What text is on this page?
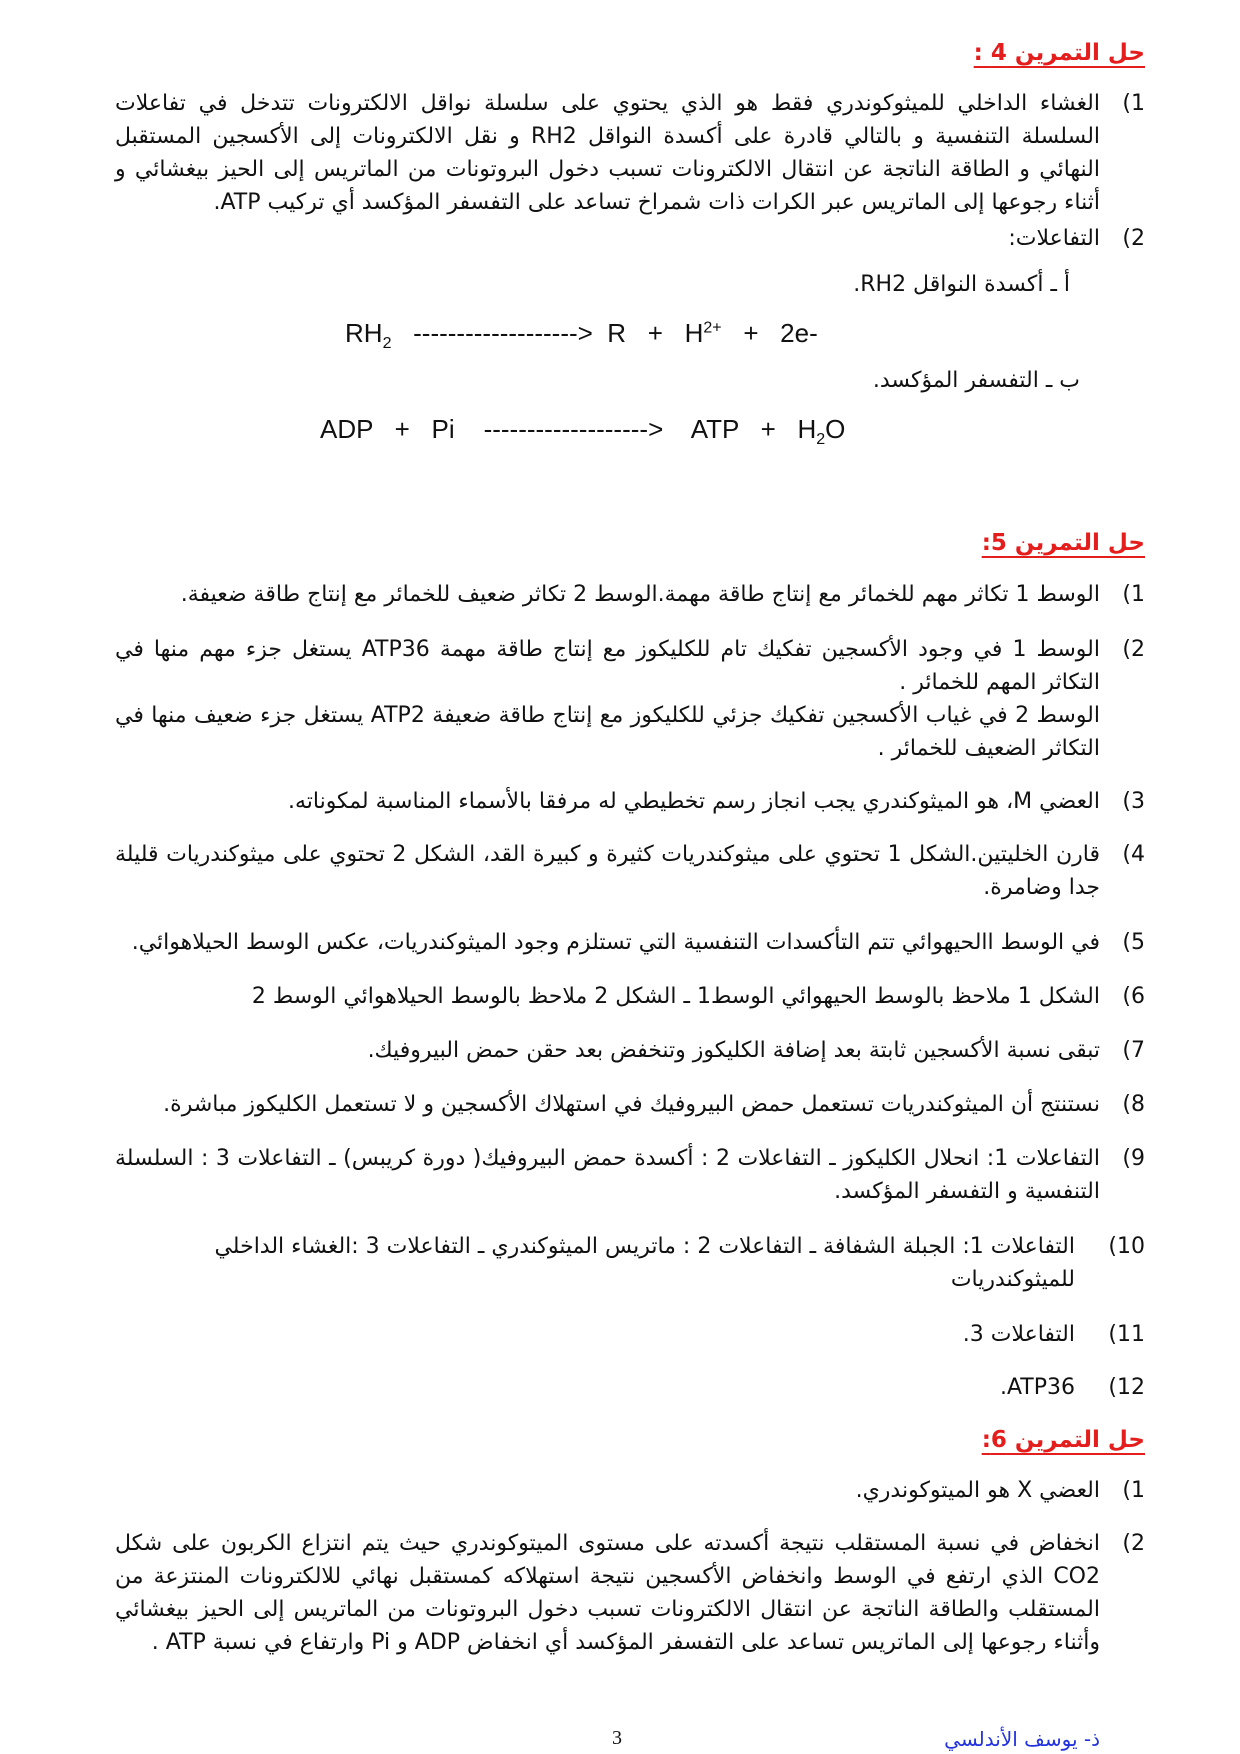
حل التمرين 4 :
1)
الغشاء الداخلي للميثوكوندري فقط هو الذي يحتوي على سلسلة نواقل الالكترونات تتدخل في تفاعلات السلسلة التنفسية و بالتالي قادرة على أكسدة النواقل RH2 و نقل الالكترونات إلى الأكسجين المستقبل النهائي و الطاقة الناتجة عن انتقال الالكترونات تسبب دخول البروتونات من الماتريس إلى الحيز بيغشائي و أثناء رجوعها إلى الماتريس عبر الكرات ذات شمراخ تساعد على التفسفر المؤكسد أي تركيب ATP.
2)
التفاعلات:
أ ـ أكسدة النواقل RH2.
$RH_2$ -------------------> $R + H^{2+} + 2e-$
ب ـ التفسفر المؤكسد.
ADP + Pi -------------------> ATP + $H_2O$
حل التمرين 5:
1)
الوسط 1 تكاثر مهم للخمائر مع إنتاج طاقة مهمة.الوسط 2 تكاثر ضعيف للخمائر مع إنتاج طاقة ضعيفة.
2)
الوسط 1 في وجود الأكسجين تفكيك تام للكليكوز مع إنتاج طاقة مهمة ATP36 يستغل جزء مهم منها في التكاثر المهم للخمائر .
الوسط 2 في غياب الأكسجين تفكيك جزئي للكليكوز مع إنتاج طاقة ضعيفة ATP2 يستغل جزء ضعيف منها في التكاثر الضعيف للخمائر .
3)
العضي M، هو الميثوكندري يجب انجاز رسم تخطيطي له مرفقا بالأسماء المناسبة لمكوناته.
4)
قارن الخليتين.الشكل 1 تحتوي على ميثوكندريات كثيرة و كبيرة القد، الشكل 2 تحتوي على ميثوكندريات قليلة جدا وضامرة.
5)
في الوسط االحيهوائي تتم التأكسدات التنفسية التي تستلزم وجود الميثوكندريات، عكس الوسط الحيلاهوائي.
6)
الشكل 1 ملاحظ بالوسط الحيهوائي الوسط1 ـ الشكل 2 ملاحظ بالوسط الحيلاهوائي الوسط 2
7)
تبقى نسبة الأكسجين ثابتة بعد إضافة الكليكوز وتنخفض بعد حقن حمض البيروفيك.
8)
نستنتج أن الميثوكندريات تستعمل حمض البيروفيك في استهلاك الأكسجين و لا تستعمل الكليكوز مباشرة.
9)
التفاعلات 1: انحلال الكليكوز ـ التفاعلات 2 : أكسدة حمض البيروفيك( دورة كريبس) ـ التفاعلات 3 : السلسلة التنفسية و التفسفر المؤكسد.
10)
التفاعلات 1: الجبلة الشفافة ـ التفاعلات 2 : ماتريس الميثوكندري ـ التفاعلات 3 :الغشاء الداخلي للميثوكندريات
11)
التفاعلات 3.
12)
ATP36.
حل التمرين 6:
1)
العضي X هو الميتوكوندري.
2)
انخفاض في نسبة المستقلب نتيجة أكسدته على مستوى الميتوكوندري حيث يتم انتزاع الكربون على شكل CO2 الذي ارتفع في الوسط وانخفاض الأكسجين نتيجة استهلاكه كمستقبل نهائي للالكترونات المنتزعة من المستقلب والطاقة الناتجة عن انتقال الالكترونات تسبب دخول البروتونات من الماتريس إلى الحيز بيغشائي وأثناء رجوعها إلى الماتريس تساعد على التفسفر المؤكسد أي انخفاض ADP و Pi وارتفاع في نسبة ATP .
3	ذ- يوسف الأندلسي
